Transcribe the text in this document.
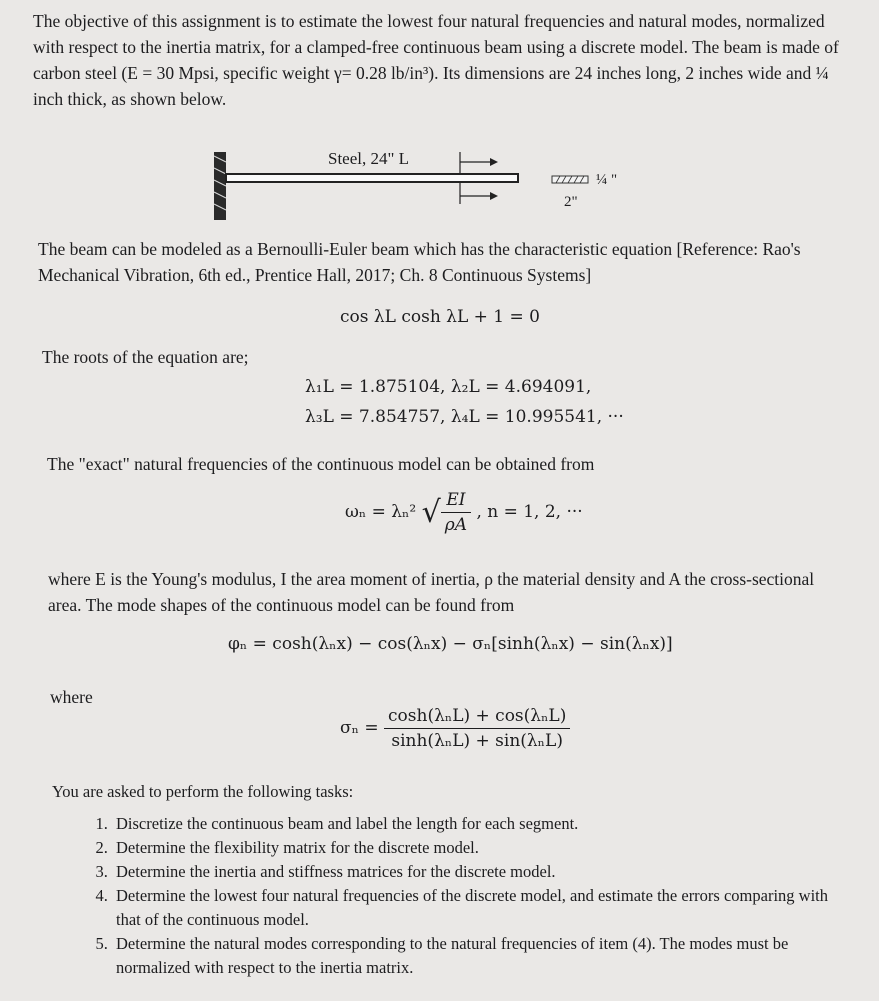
The objective of this assignment is to estimate the lowest four natural frequencies and natural modes, normalized with respect to the inertia matrix, for a clamped-free continuous beam using a discrete model. The beam is made of carbon steel (E = 30 Mpsi, specific weight γ= 0.28 lb/in³). Its dimensions are 24 inches long, 2 inches wide and ¼ inch thick, as shown below.

Steel, 24" L
¼ "
2"

The beam can be modeled as a Bernoulli-Euler beam which has the characteristic equation [Reference: Rao's Mechanical Vibration, 6th ed., Prentice Hall, 2017; Ch. 8 Continuous Systems]

cos λL cosh λL + 1 = 0

The roots of the equation are;

λ₁L = 1.875104, λ₂L = 4.694091,
λ₃L = 7.854757, λ₄L = 10.995541, ···

The "exact" natural frequencies of the continuous model can be obtained from

ωₙ = λₙ² √ $\frac{EI}{\rho A}$ , n = 1, 2, ···

where E is the Young's modulus, I the area moment of inertia, ρ the material density and A the cross-sectional area. The mode shapes of the continuous model can be found from

φₙ = cosh(λₙx) − cos(λₙx) − σₙ[sinh(λₙx) − sin(λₙx)]

where

$\sigma_n = \frac{\text{cosh(λₙL) + cos(λₙL)}}{\text{sinh(λₙL) + sin(λₙL)}}$

You are asked to perform the following tasks:

1. Discretize the continuous beam and label the length for each segment.
2. Determine the flexibility matrix for the discrete model.
3. Determine the inertia and stiffness matrices for the discrete model.
4. Determine the lowest four natural frequencies of the discrete model, and estimate the errors comparing with that of the continuous model.
5. Determine the natural modes corresponding to the natural frequencies of item (4). The modes must be normalized with respect to the inertia matrix.
